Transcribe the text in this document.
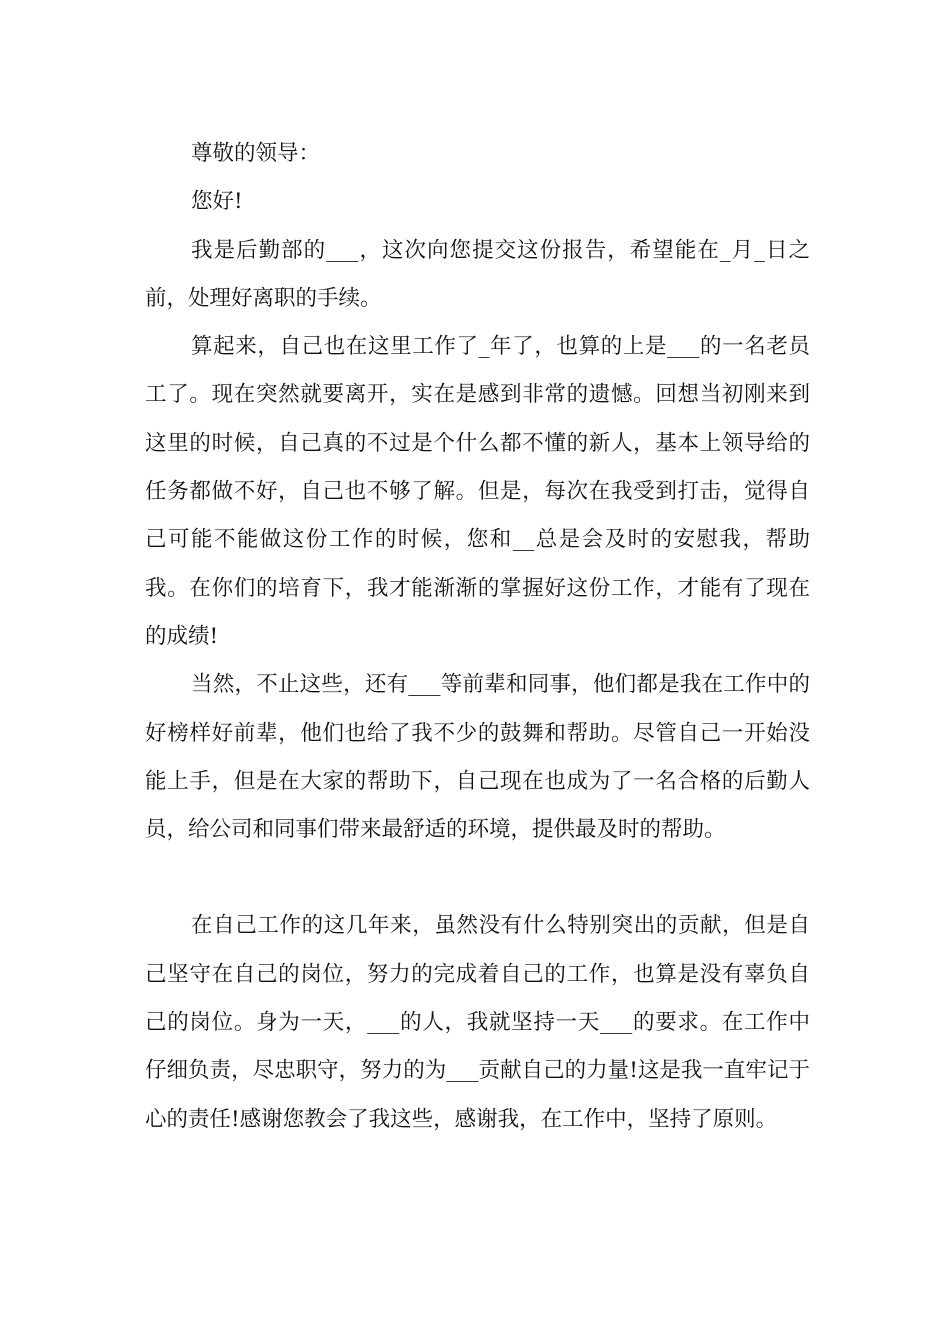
尊敬的领导：

您好!

我是后勤部的___，这次向您提交这份报告，希望能在_月_日之前，处理好离职的手续。

算起来，自己也在这里工作了_年了，也算的上是___的一名老员工了。现在突然就要离开，实在是感到非常的遗憾。回想当初刚来到这里的时候，自己真的不过是个什么都不懂的新人，基本上领导给的任务都做不好，自己也不够了解。但是，每次在我受到打击，觉得自己可能不能做这份工作的时候，您和__总是会及时的安慰我，帮助我。在你们的培育下，我才能渐渐的掌握好这份工作，才能有了现在的成绩!

当然，不止这些，还有___等前辈和同事，他们都是我在工作中的好榜样好前辈，他们也给了我不少的鼓舞和帮助。尽管自己一开始没能上手，但是在大家的帮助下，自己现在也成为了一名合格的后勤人员，给公司和同事们带来最舒适的环境，提供最及时的帮助。

在自己工作的这几年来，虽然没有什么特别突出的贡献，但是自己坚守在自己的岗位，努力的完成着自己的工作，也算是没有辜负自己的岗位。身为一天，___的人，我就坚持一天___的要求。在工作中仔细负责，尽忠职守，努力的为___贡献自己的力量!这是我一直牢记于心的责任!感谢您教会了我这些，感谢我，在工作中，坚持了原则。
